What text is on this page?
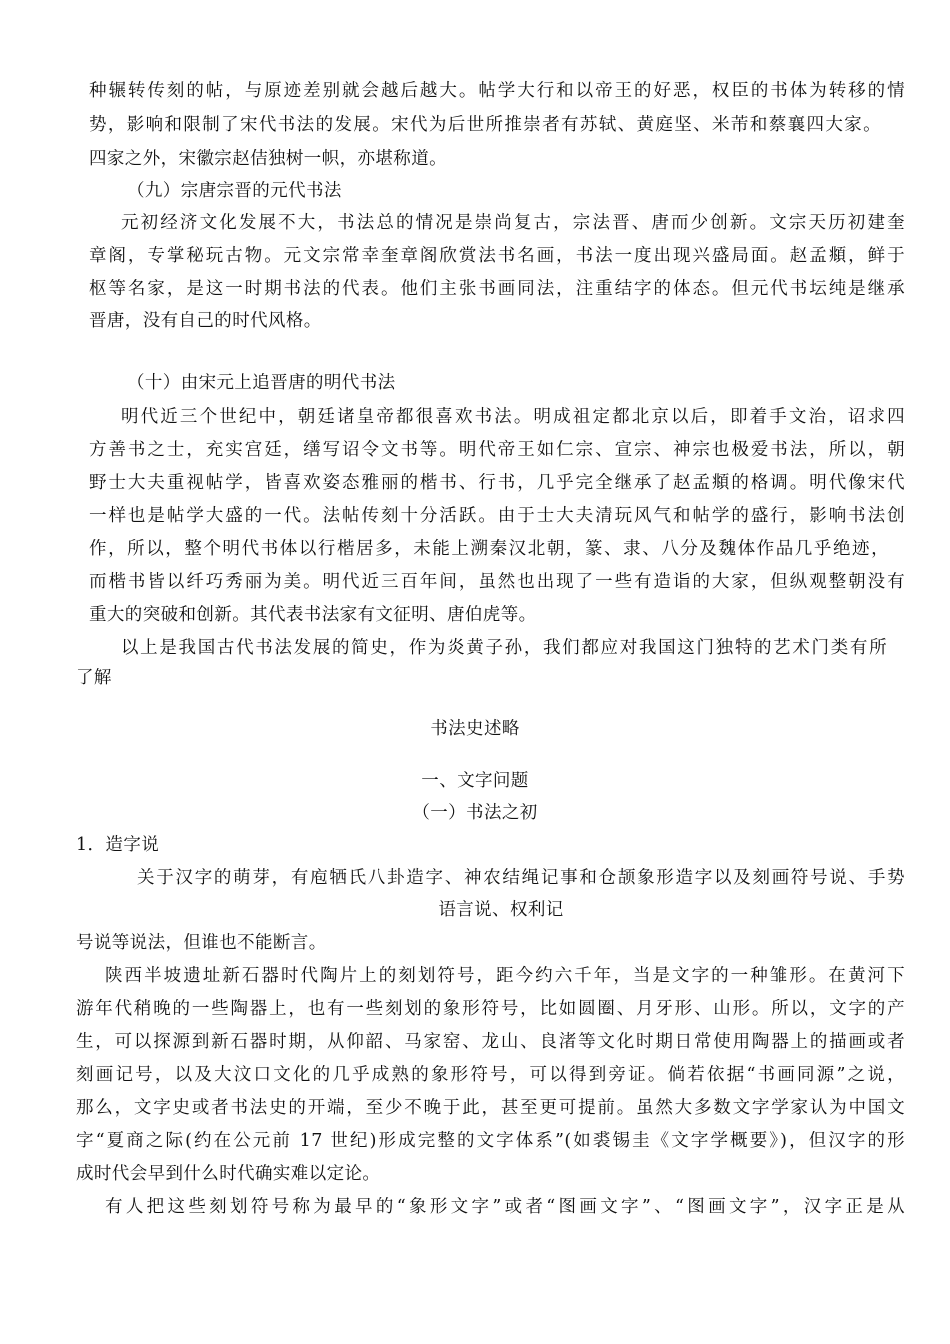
种辗转传刻的帖，与原迹差别就会越后越大。帖学大行和以帝王的好恶，权臣的书体为转移的情
势，影响和限制了宋代书法的发展。宋代为后世所推崇者有苏轼、黄庭坚、米芾和蔡襄四大家。
四家之外，宋徽宗赵佶独树一帜，亦堪称道。
（九）宗唐宗晋的元代书法
元初经济文化发展不大，书法总的情况是崇尚复古，宗法晋、唐而少创新。文宗天历初建奎
章阁，专掌秘玩古物。元文宗常幸奎章阁欣赏法书名画，书法一度出现兴盛局面。赵孟頫，鲜于
枢等名家，是这一时期书法的代表。他们主张书画同法，注重结字的体态。但元代书坛纯是继承
晋唐，没有自己的时代风格。
（十）由宋元上追晋唐的明代书法
明代近三个世纪中，朝廷诸皇帝都很喜欢书法。明成祖定都北京以后，即着手文治，诏求四
方善书之士，充实宫廷，缮写诏令文书等。明代帝王如仁宗、宣宗、神宗也极爱书法，所以，朝
野士大夫重视帖学，皆喜欢姿态雅丽的楷书、行书，几乎完全继承了赵孟頫的格调。明代像宋代
一样也是帖学大盛的一代。法帖传刻十分活跃。由于士大夫清玩风气和帖学的盛行，影响书法创
作，所以，整个明代书体以行楷居多，未能上溯秦汉北朝，篆、隶、八分及魏体作品几乎绝迹，
而楷书皆以纤巧秀丽为美。明代近三百年间，虽然也出现了一些有造诣的大家，但纵观整朝没有
重大的突破和创新。其代表书法家有文征明、唐伯虎等。
以上是我国古代书法发展的简史，作为炎黄子孙，我们都应对我国这门独特的艺术门类有所
了解
书法史述略
一、文字问题
（一）书法之初
1．造字说
关于汉字的萌芽，有庖牺氏八卦造字、神农结绳记事和仓颉象形造字以及刻画符号说、手势
语言说、权利记
号说等说法，但谁也不能断言。
陕西半坡遗址新石器时代陶片上的刻划符号，距今约六千年，当是文字的一种雏形。在黄河下
游年代稍晚的一些陶器上，也有一些刻划的象形符号，比如圆圈、月牙形、山形。所以，文字的产
生，可以探源到新石器时期，从仰韶、马家窑、龙山、良渚等文化时期日常使用陶器上的描画或者
刻画记号，以及大汶口文化的几乎成熟的象形符号，可以得到旁证。倘若依据“书画同源”之说，
那么，文字史或者书法史的开端，至少不晚于此，甚至更可提前。虽然大多数文字学家认为中国文
字“夏商之际(约在公元前 17 世纪)形成完整的文字体系”(如裘锡圭《文字学概要》)，但汉字的形
成时代会早到什么时代确实难以定论。
有人把这些刻划符号称为最早的“象形文字”或者“图画文字”、“图画文字”，汉字正是从
